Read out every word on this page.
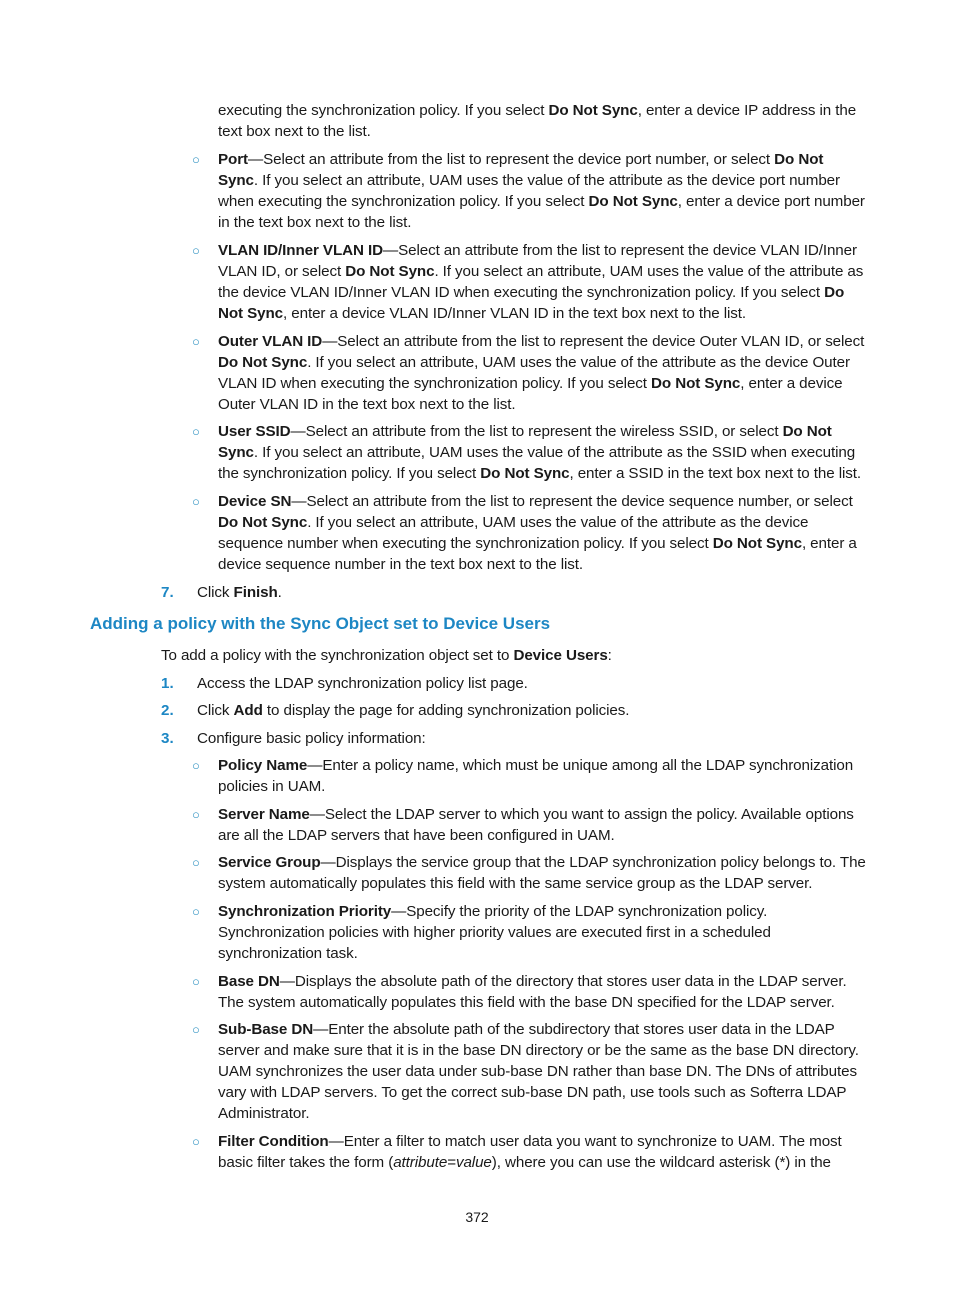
executing the synchronization policy. If you select Do Not Sync, enter a device IP address in the text box next to the list.

○ Port—Select an attribute from the list to represent the device port number, or select Do Not Sync. If you select an attribute, UAM uses the value of the attribute as the device port number when executing the synchronization policy. If you select Do Not Sync, enter a device port number in the text box next to the list.

○ VLAN ID/Inner VLAN ID—Select an attribute from the list to represent the device VLAN ID/Inner VLAN ID, or select Do Not Sync. If you select an attribute, UAM uses the value of the attribute as the device VLAN ID/Inner VLAN ID when executing the synchronization policy. If you select Do Not Sync, enter a device VLAN ID/Inner VLAN ID in the text box next to the list.

○ Outer VLAN ID—Select an attribute from the list to represent the device Outer VLAN ID, or select Do Not Sync. If you select an attribute, UAM uses the value of the attribute as the device Outer VLAN ID when executing the synchronization policy. If you select Do Not Sync, enter a device Outer VLAN ID in the text box next to the list.

○ User SSID—Select an attribute from the list to represent the wireless SSID, or select Do Not Sync. If you select an attribute, UAM uses the value of the attribute as the SSID when executing the synchronization policy. If you select Do Not Sync, enter a SSID in the text box next to the list.

○ Device SN—Select an attribute from the list to represent the device sequence number, or select Do Not Sync. If you select an attribute, UAM uses the value of the attribute as the device sequence number when executing the synchronization policy. If you select Do Not Sync, enter a device sequence number in the text box next to the list.

7. Click Finish.

Adding a policy with the Sync Object set to Device Users

To add a policy with the synchronization object set to Device Users:

1. Access the LDAP synchronization policy list page.

2. Click Add to display the page for adding synchronization policies.

3. Configure basic policy information:

○ Policy Name—Enter a policy name, which must be unique among all the LDAP synchronization policies in UAM.

○ Server Name—Select the LDAP server to which you want to assign the policy. Available options are all the LDAP servers that have been configured in UAM.

○ Service Group—Displays the service group that the LDAP synchronization policy belongs to. The system automatically populates this field with the same service group as the LDAP server.

○ Synchronization Priority—Specify the priority of the LDAP synchronization policy. Synchronization policies with higher priority values are executed first in a scheduled synchronization task.

○ Base DN—Displays the absolute path of the directory that stores user data in the LDAP server. The system automatically populates this field with the base DN specified for the LDAP server.

○ Sub-Base DN—Enter the absolute path of the subdirectory that stores user data in the LDAP server and make sure that it is in the base DN directory or be the same as the base DN directory. UAM synchronizes the user data under sub-base DN rather than base DN. The DNs of attributes vary with LDAP servers. To get the correct sub-base DN path, use tools such as Softerra LDAP Administrator.

○ Filter Condition—Enter a filter to match user data you want to synchronize to UAM. The most basic filter takes the form (attribute=value), where you can use the wildcard asterisk (*) in the

372
